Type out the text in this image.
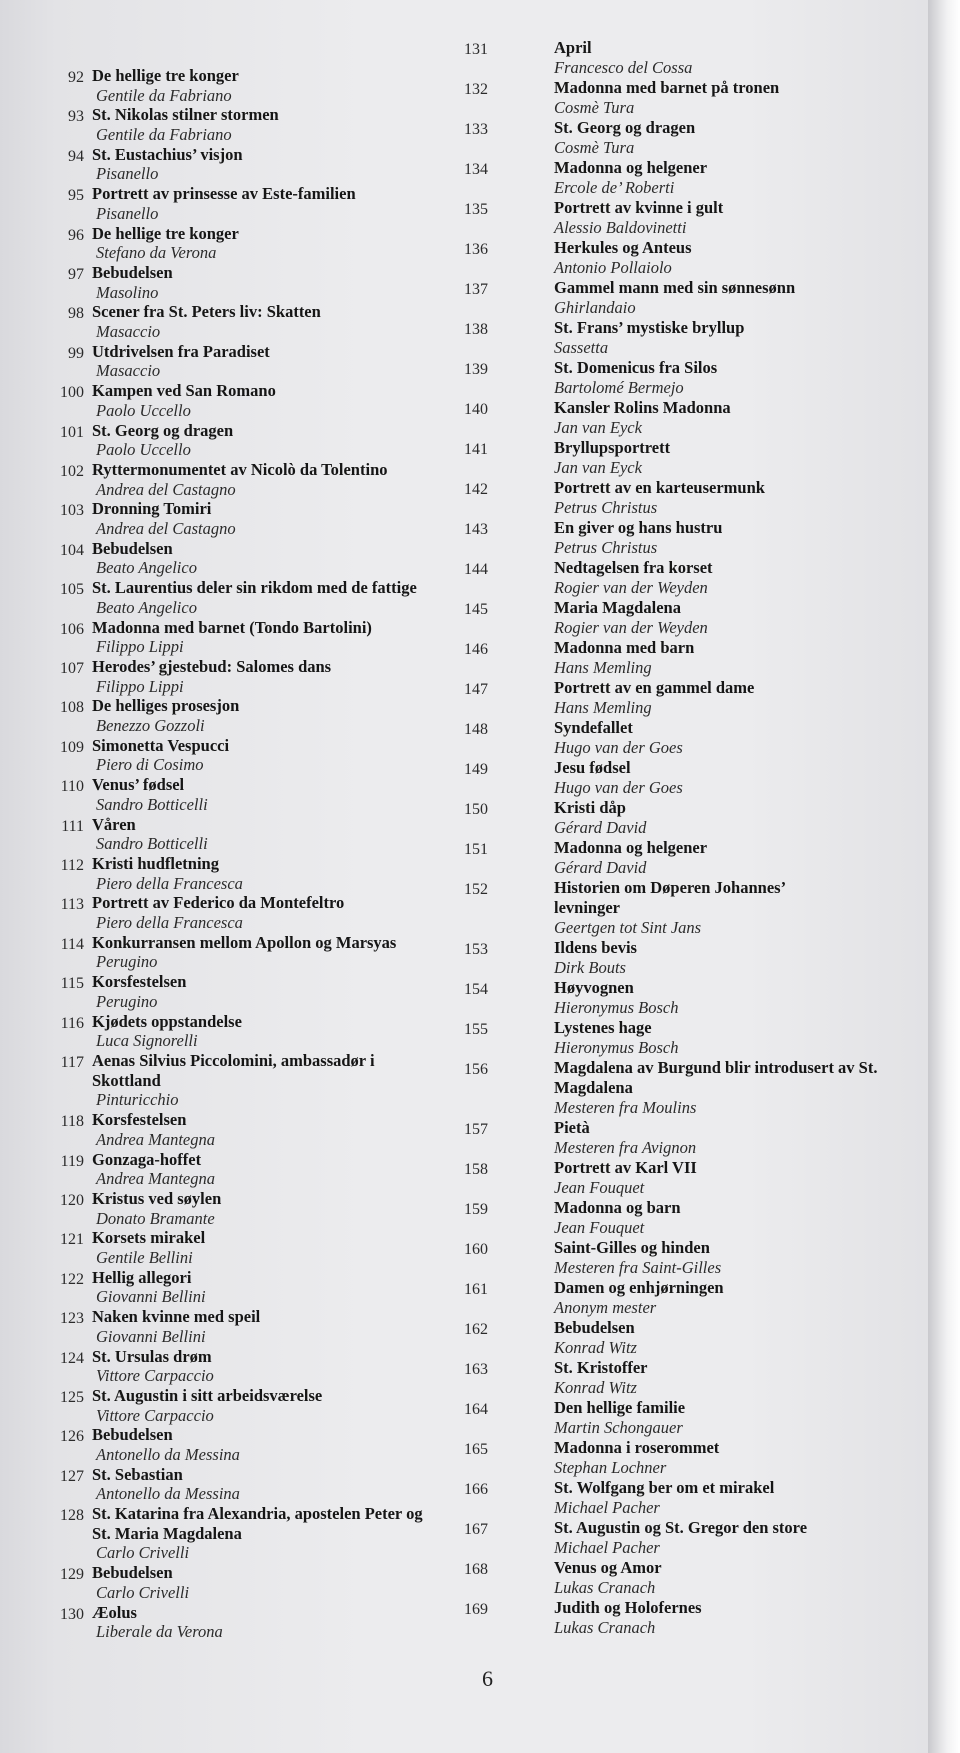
92 De hellige tre konger
Gentile da Fabriano
93 St. Nikolas stilner stormen
Gentile da Fabriano
94 St. Eustachius’ visjon
Pisanello
95 Portrett av prinsesse av Este-familien
Pisanello
96 De hellige tre konger
Stefano da Verona
97 Bebudelsen
Masolino
98 Scener fra St. Peters liv: Skatten
Masaccio
99 Utdrivelsen fra Paradiset
Masaccio
100 Kampen ved San Romano
Paolo Uccello
101 St. Georg og dragen
Paolo Uccello
102 Ryttermonumentet av Nicolò da Tolentino
Andrea del Castagno
103 Dronning Tomiri
Andrea del Castagno
104 Bebudelsen
Beato Angelico
105 St. Laurentius deler sin rikdom med de fattige
Beato Angelico
106 Madonna med barnet (Tondo Bartolini)
Filippo Lippi
107 Herodes’ gjestebud: Salomes dans
Filippo Lippi
108 De helliges prosesjon
Benezzo Gozzoli
109 Simonetta Vespucci
Piero di Cosimo
110 Venus’ fødsel
Sandro Botticelli
111 Våren
Sandro Botticelli
112 Kristi hudfletning
Piero della Francesca
113 Portrett av Federico da Montefeltro
Piero della Francesca
114 Konkurransen mellom Apollon og Marsyas
Perugino
115 Korsfestelsen
Perugino
116 Kjødets oppstandelse
Luca Signorelli
117 Aenas Silvius Piccolomini, ambassadør i
Skottland
Pinturicchio
118 Korsfestelsen
Andrea Mantegna
119 Gonzaga-hoffet
Andrea Mantegna
120 Kristus ved søylen
Donato Bramante
121 Korsets mirakel
Gentile Bellini
122 Hellig allegori
Giovanni Bellini
123 Naken kvinne med speil
Giovanni Bellini
124 St. Ursulas drøm
Vittore Carpaccio
125 St. Augustin i sitt arbeidsværelse
Vittore Carpaccio
126 Bebudelsen
Antonello da Messina
127 St. Sebastian
Antonello da Messina
128 St. Katarina fra Alexandria, apostelen Peter og
St. Maria Magdalena
Carlo Crivelli
129 Bebudelsen
Carlo Crivelli
130 Æolus
Liberale da Verona
131	April
Francesco del Cossa
132	Madonna med barnet på tronen
Cosmè Tura
133	St. Georg og dragen
Cosmè Tura
134	Madonna og helgener
Ercole de’ Roberti
135	Portrett av kvinne i gult
Alessio Baldovinetti
136	Herkules og Anteus
Antonio Pollaiolo
137	Gammel mann med sin sønnesønn
Ghirlandaio
138	St. Frans’ mystiske bryllup
Sassetta
139	St. Domenicus fra Silos
Bartolomé Bermejo
140	Kansler Rolins Madonna
Jan van Eyck
141	Bryllupsportrett
Jan van Eyck
142	Portrett av en karteusermunk
Petrus Christus
143	En giver og hans hustru
Petrus Christus
144	Nedtagelsen fra korset
Rogier van der Weyden
145	Maria Magdalena
Rogier van der Weyden
146	Madonna med barn
Hans Memling
147	Portrett av en gammel dame
Hans Memling
148	Syndefallet
Hugo van der Goes
149	Jesu fødsel
Hugo van der Goes
150	Kristi dåp
Gérard David
151	Madonna og helgener
Gérard David
152	Historien om Døperen Johannes’
levninger
Geertgen tot Sint Jans
153	Ildens bevis
Dirk Bouts
154	Høyvognen
Hieronymus Bosch
155	Lystenes hage
Hieronymus Bosch
156	Magdalena av Burgund blir introdusert av St.
Magdalena
Mesteren fra Moulins
157	Pietà
Mesteren fra Avignon
158	Portrett av Karl VII
Jean Fouquet
159	Madonna og barn
Jean Fouquet
160	Saint-Gilles og hinden
Mesteren fra Saint-Gilles
161	Damen og enhjørningen
Anonym mester
162	Bebudelsen
Konrad Witz
163	St. Kristoffer
Konrad Witz
164	Den hellige familie
Martin Schongauer
165	Madonna i roserommet
Stephan Lochner
166	St. Wolfgang ber om et mirakel
Michael Pacher
167	St. Augustin og St. Gregor den store
Michael Pacher
168	Venus og Amor
Lukas Cranach
169	Judith og Holofernes
Lukas Cranach
6
